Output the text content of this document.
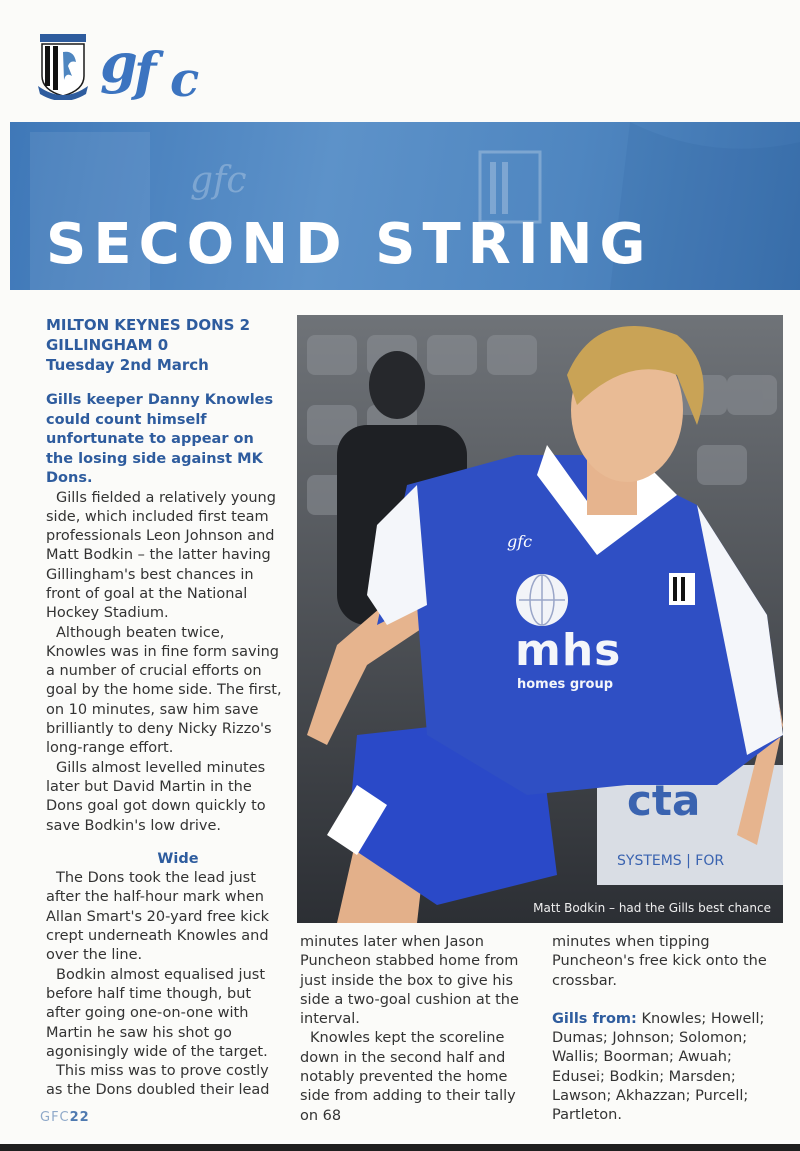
g
f c
gfc
SECOND STRING
MILTON KEYNES DONS 2
GILLINGHAM 0
Tuesday 2nd March
Gills keeper Danny Knowles could count himself unfortunate to appear on the losing side against MK Dons.
Gills fielded a relatively young side, which included first team professionals Leon Johnson and Matt Bodkin – the latter having Gillingham's best chances in front of goal at the National Hockey Stadium.
Although beaten twice, Knowles was in fine form saving a number of crucial efforts on goal by the home side. The first, on 10 minutes, saw him save brilliantly to deny Nicky Rizzo's long-range effort.
Gills almost levelled minutes later but David Martin in the Dons goal got down quickly to save Bodkin's low drive.
Wide
The Dons took the lead just after the half-hour mark when Allan Smart's 20-yard free kick crept underneath Knowles and over the line.
Bodkin almost equalised just before half time though, but after going one-on-one with Martin he saw his shot go agonisingly wide of the target.
This miss was to prove costly as the Dons doubled their lead
cta
SYSTEMS | FOR
gfc
mhs
homes group
Matt Bodkin – had the Gills best chance
minutes later when Jason Puncheon stabbed home from just inside the box to give his side a two-goal cushion at the interval.
Knowles kept the scoreline down in the second half and notably prevented the home side from adding to their tally on 68
minutes when tipping Puncheon's free kick onto the crossbar.
Gills from: Knowles; Howell; Dumas; Johnson; Solomon; Wallis; Boorman; Awuah; Edusei; Bodkin; Marsden; Lawson; Akhazzan; Purcell; Partleton.
GFC22
